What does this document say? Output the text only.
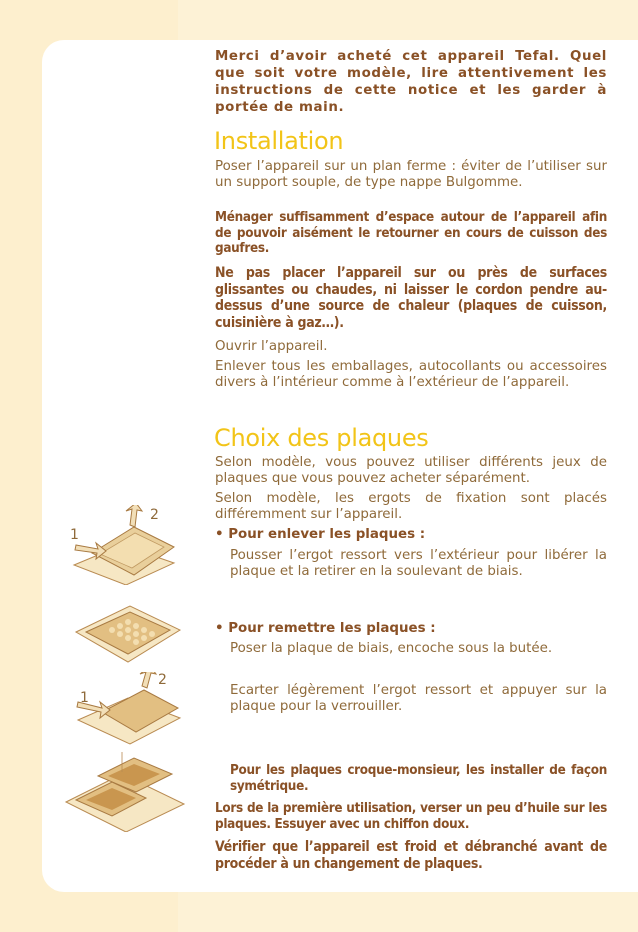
Merci d’avoir acheté cet appareil Tefal. Quel que soit votre modèle, lire attentivement les instructions de cette notice et les garder à portée de main.

Installation

Poser l’appareil sur un plan ferme : éviter de l’utiliser sur un support souple, de type nappe Bulgomme.

Ménager suffisamment d’espace autour de l’appareil afin de pouvoir aisément le retourner en cours de cuisson des gaufres.

Ne pas placer l’appareil sur ou près de surfaces glissantes ou chaudes, ni laisser le cordon pendre au-dessus d’une source de chaleur (plaques de cuisson, cuisinière à gaz…).

Ouvrir l’appareil.

Enlever tous les emballages, autocollants ou accessoires divers à l’intérieur comme à l’extérieur de l’appareil.

Choix des plaques

Selon modèle, vous pouvez utiliser différents jeux de plaques que vous pouvez acheter séparément.

Selon modèle, les ergots de fixation sont placés différemment sur l’appareil.

• Pour enlever les plaques :

Pousser l’ergot ressort vers l’extérieur pour libérer la plaque et la retirer en la soulevant de biais.

• Pour remettre les plaques :

Poser la plaque de biais, encoche sous la butée.

Ecarter légèrement l’ergot ressort et appuyer sur la plaque pour la verrouiller.

Pour les plaques croque-monsieur, les installer de façon symétrique.

Lors de la première utilisation, verser un peu d’huile sur les plaques. Essuyer avec un chiffon doux.

Vérifier que l’appareil est froid et débranché avant de procéder à un changement de plaques.

1
2
1
2
